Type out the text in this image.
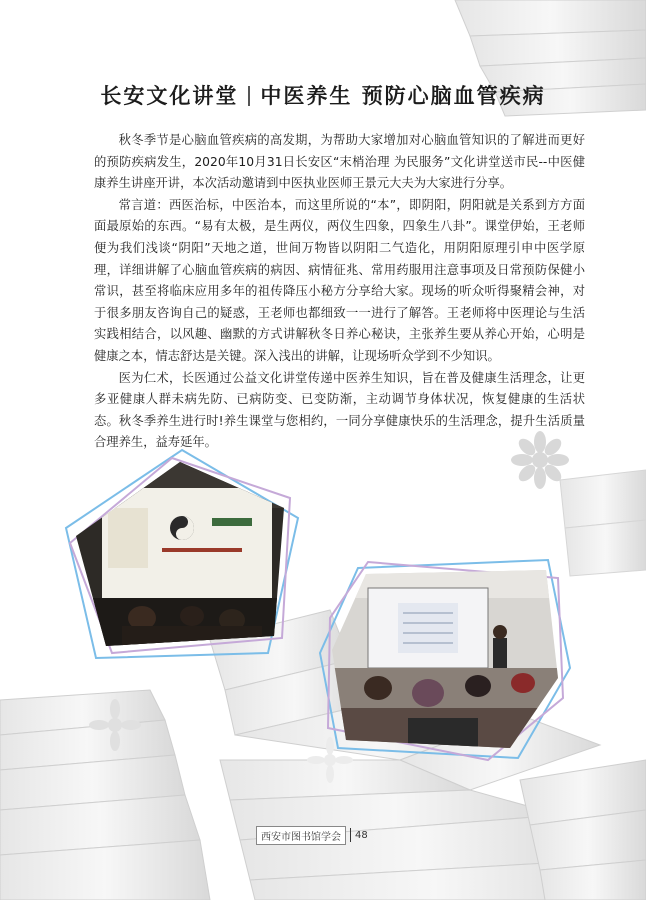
长安文化讲堂 中医养生 预防心脑血管疾病

秋冬季节是心脑血管疾病的高发期，为帮助大家增加对心脑血管知识的了解进而更好的预防疾病发生，2020年10月31日长安区“末梢治理 为民服务”文化讲堂送市民--中医健康养生讲座开讲，本次活动邀请到中医执业医师王景元大夫为大家进行分享。

常言道：西医治标，中医治本，而这里所说的“本”，即阴阳，阴阳就是关系到方方面面最原始的东西。“易有太极，是生两仪，两仪生四象，四象生八卦”。课堂伊始，王老师便为我们浅谈“阴阳”天地之道，世间万物皆以阴阳二气造化，用阴阳原理引申中医学原理，详细讲解了心脑血管疾病的病因、病情征兆、常用药服用注意事项及日常预防保健小常识，甚至将临床应用多年的祖传降压小秘方分享给大家。现场的听众听得聚精会神，对于很多朋友咨询自己的疑惑，王老师也都细致一一进行了解答。王老师将中医理论与生活实践相结合，以风趣、幽默的方式讲解秋冬日养心秘诀，主张养生要从养心开始，心明是健康之本，情志舒达是关键。深入浅出的讲解，让现场听众学到不少知识。

医为仁术，长医通过公益文化讲堂传递中医养生知识，旨在普及健康生活理念，让更多亚健康人群未病先防、已病防变、已变防渐，主动调节身体状况，恢复健康的生活状态。秋冬季养生进行时!养生课堂与您相约，一同分享健康快乐的生活理念，提升生活质量合理养生，益寿延年。

西安市图书馆学会	48
